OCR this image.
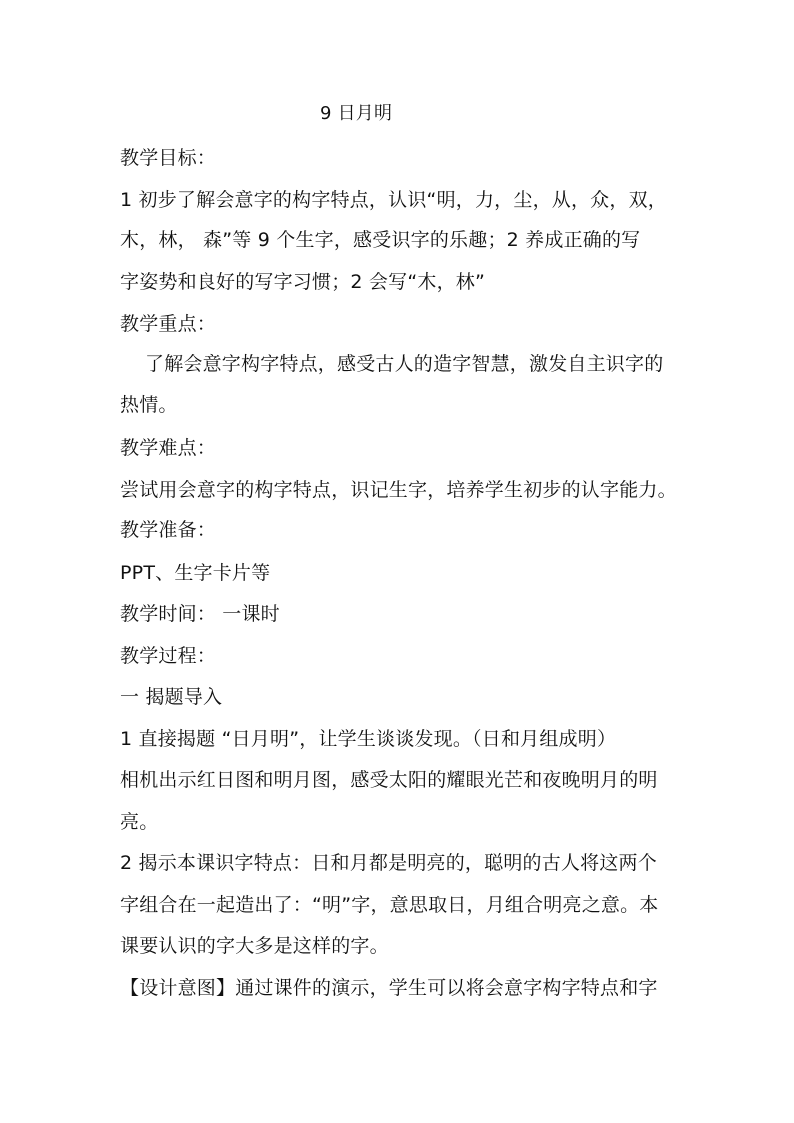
9 日月明
教学目标：
1 初步了解会意字的构字特点，认识“明，力，尘，从，众，双，
木，林， 森”等 9 个生字，感受识字的乐趣；2 养成正确的写
字姿势和良好的写字习惯；2 会写“木，林”
教学重点：
了解会意字构字特点，感受古人的造字智慧，激发自主识字的
热情。
教学难点：
尝试用会意字的构字特点，识记生字，培养学生初步的认字能力。
教学准备：
PPT、生字卡片等
教学时间： 一课时
教学过程：
一 揭题导入
1 直接揭题 “日月明”，让学生谈谈发现。（日和月组成明）
相机出示红日图和明月图，感受太阳的耀眼光芒和夜晚明月的明
亮。
2 揭示本课识字特点：日和月都是明亮的，聪明的古人将这两个
字组合在一起造出了：“明”字，意思取日，月组合明亮之意。本
课要认识的字大多是这样的字。
【设计意图】通过课件的演示，学生可以将会意字构字特点和字
